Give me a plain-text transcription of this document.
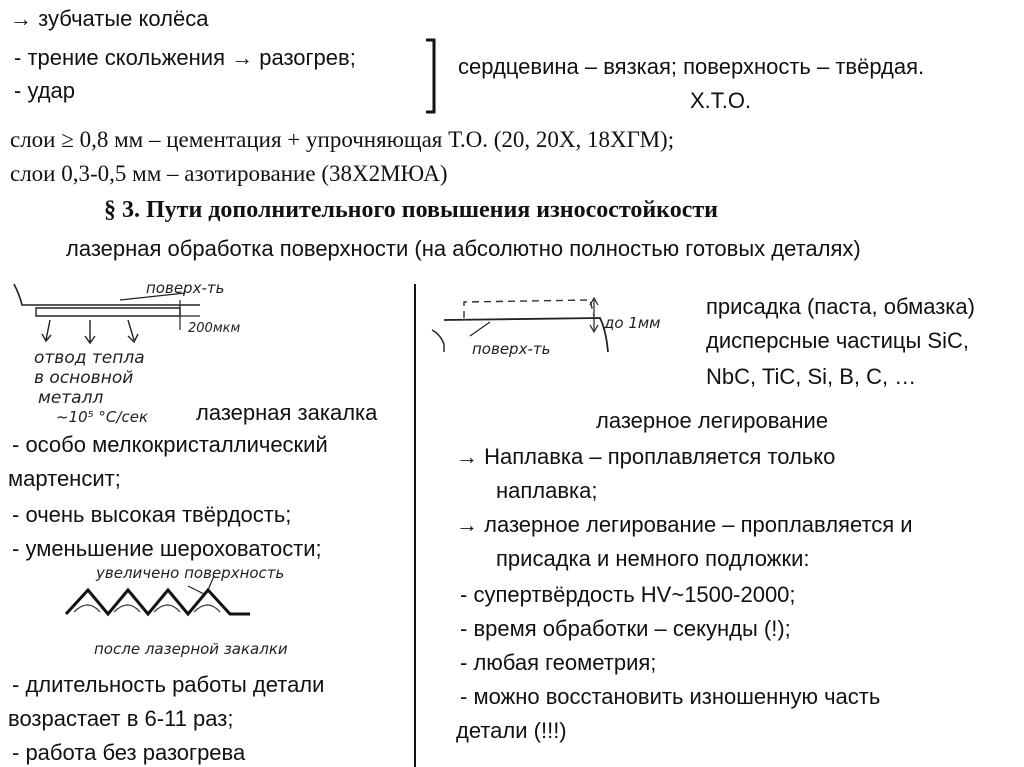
→ зубчатые колёса
- трение скольжения → разогрев;
- удар
сердцевина – вязкая; поверхность – твёрдая.
Х.Т.О.
слои ≥ 0,8 мм – цементация + упрочняющая Т.О. (20, 20Х, 18ХГМ);
слои 0,3-0,5 мм – азотирование (38Х2МЮА)
§ 3. Пути дополнительного повышения износостойкости
лазерная обработка поверхности (на абсолютно полностью готовых деталях)
поверх-ть
200мкм
отвод тепла
в основной
металл
~10⁵ °C/сек лазерная закалка
- особо мелкокристаллический
мартенсит;
- очень высокая твёрдость;
- уменьшение шероховатости;
увеличено поверхность
после лазерной закалки
- длительность работы детали
возрастает в 6-11 раз;
- работа без разогрева
до 1мм
поверх-ть
присадка (паста, обмазка)
дисперсные частицы SiC,
NbC, TiC, Si, B, C, …
лазерное легирование
→ Наплавка – проплавляется только
наплавка;
→ лазерное легирование – проплавляется и
присадка и немного подложки:
- супертвёрдость HV~1500-2000;
- время обработки – секунды (!);
- любая геометрия;
- можно восстановить изношенную часть
детали (!!!)
